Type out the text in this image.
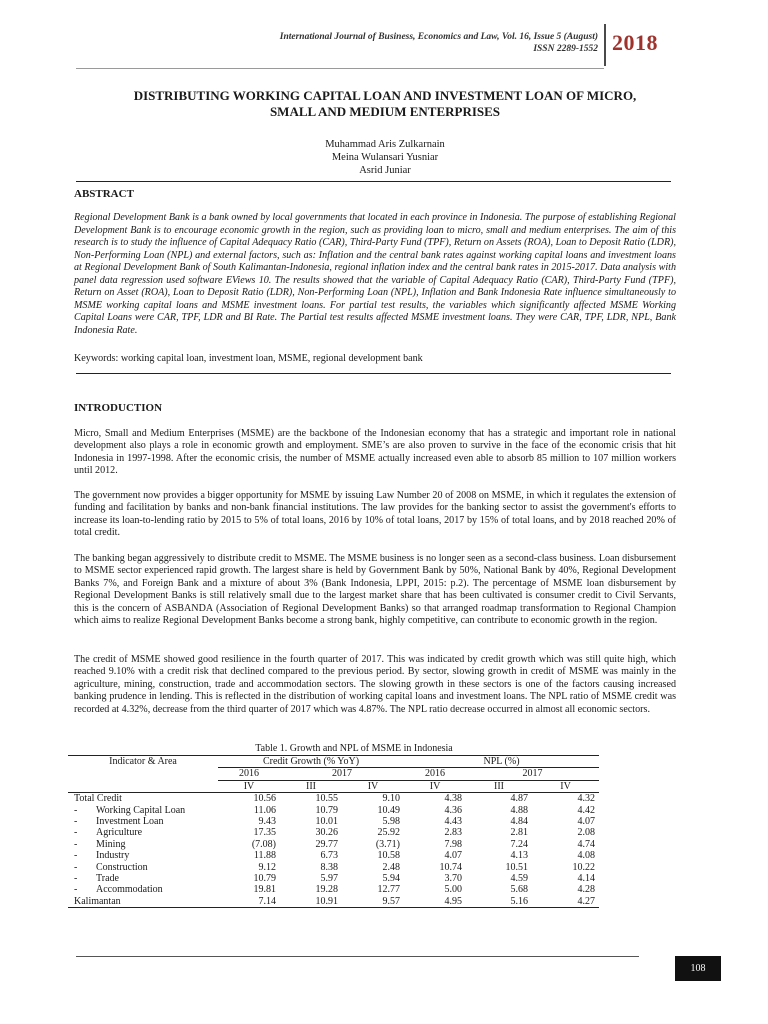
International Journal of Business, Economics and Law, Vol. 16, Issue 5 (August)
ISSN 2289-1552 2018
DISTRIBUTING WORKING CAPITAL LOAN AND INVESTMENT LOAN OF MICRO,
SMALL AND MEDIUM ENTERPRISES
Muhammad Aris Zulkarnain
Meina Wulansari Yusniar
Asrid Juniar
ABSTRACT

Regional Development Bank is a bank owned by local governments that located in each province in Indonesia. The purpose of establishing Regional Development Bank is to encourage economic growth in the region, such as providing loan to micro, small and medium enterprises. The aim of this research is to study the influence of Capital Adequacy Ratio (CAR), Third-Party Fund (TPF), Return on Assets (ROA), Loan to Deposit Ratio (LDR), Non-Performing Loan (NPL) and external factors, such as: Inflation and the central bank rates against working capital loans and investment loans at Regional Development Bank of South Kalimantan-Indonesia, regional inflation index and the central bank rates in 2015-2017. Data analysis with panel data regression used software EViews 10. The results showed that the variable of Capital Adequacy Ratio (CAR), Third-Party Fund (TPF), Return on Asset (ROA), Loan to Deposit Ratio (LDR), Non-Performing Loan (NPL), Inflation and Bank Indonesia Rate influence simultaneously to MSME working capital loans and MSME investment loans. For partial test results, the variables which significantly affected MSME Working Capital Loans were CAR, TPF, LDR and BI Rate. The Partial test results affected MSME investment loans. They were CAR, TPF, LDR, NPL, Bank Indonesia Rate.

Keywords: working capital loan, investment loan, MSME, regional development bank
INTRODUCTION

Micro, Small and Medium Enterprises (MSME) are the backbone of the Indonesian economy that has a strategic and important role in national development also plays a role in economic growth and employment. SME’s are also proven to survive in the face of the economic crisis that hit Indonesia in 1997-1998. After the economic crisis, the number of MSME actually increased even able to absorb 85 million to 107 million workers until 2012.

The government now provides a bigger opportunity for MSME by issuing Law Number 20 of 2008 on MSME, in which it regulates the extension of funding and facilitation by banks and non-bank financial institutions. The law provides for the banking sector to assist the government's efforts to increase its loan-to-lending ratio by 2015 to 5% of total loans, 2016 by 10% of total loans, 2017 by 15% of total loans, and by 2018 reached 20% of total credit.

The banking began aggressively to distribute credit to MSME. The MSME business is no longer seen as a second-class business. Loan disbursement to MSME sector experienced rapid growth. The largest share is held by Government Bank by 50%, National Bank by 40%, Regional Development Banks 7%, and Foreign Bank and a mixture of about 3% (Bank Indonesia, LPPI, 2015: p.2). The percentage of MSME loan disbursement by Regional Development Banks is still relatively small due to the largest market share that has been cultivated is consumer credit to Civil Servants, this is the concern of ASBANDA (Association of Regional Development Banks) so that arranged roadmap transformation to Regional Champion which aims to realize Regional Development Banks become a strong bank, highly competitive, can contribute to economic growth in the region.

The credit of MSME showed good resilience in the fourth quarter of 2017. This was indicated by credit growth which was still quite high, which reached 9.10% with a credit risk that declined compared to the previous period. By sector, slowing growth in credit of MSME was mainly in the agriculture, mining, construction, trade and accommodation sectors. The slowing growth in these sectors is one of the factors causing increased banking prudence in lending. This is reflected in the distribution of working capital loans and investment loans. The NPL ratio of MSME credit was recorded at 4.32%, decrease from the third quarter of 2017 which was 4.87%. The NPL ratio decrease occurred in almost all economic sectors.

Table 1. Growth and NPL of MSME in Indonesia
Indicator & Area	Credit Growth (% YoY)			NPL (%)		
	2016	2017		2016	2017	
	IV	III	IV	IV	III	IV
Total Credit	10.56	10.55	9.10	4.38	4.87	4.32
- Working Capital Loan	11.06	10.79	10.49	4.36	4.88	4.42
- Investment Loan	9.43	10.01	5.98	4.43	4.84	4.07
- Agriculture	17.35	30.26	25.92	2.83	2.81	2.08
- Mining	(7.08)	29.77	(3.71)	7.98	7.24	4.74
- Industry	11.88	6.73	10.58	4.07	4.13	4.08
- Construction	9.12	8.38	2.48	10.74	10.51	10.22
- Trade	10.79	5.97	5.94	3.70	4.59	4.14
- Accommodation	19.81	19.28	12.77	5.00	5.68	4.28
Kalimantan	7.14	10.91	9.57	4.95	5.16	4.27
108
